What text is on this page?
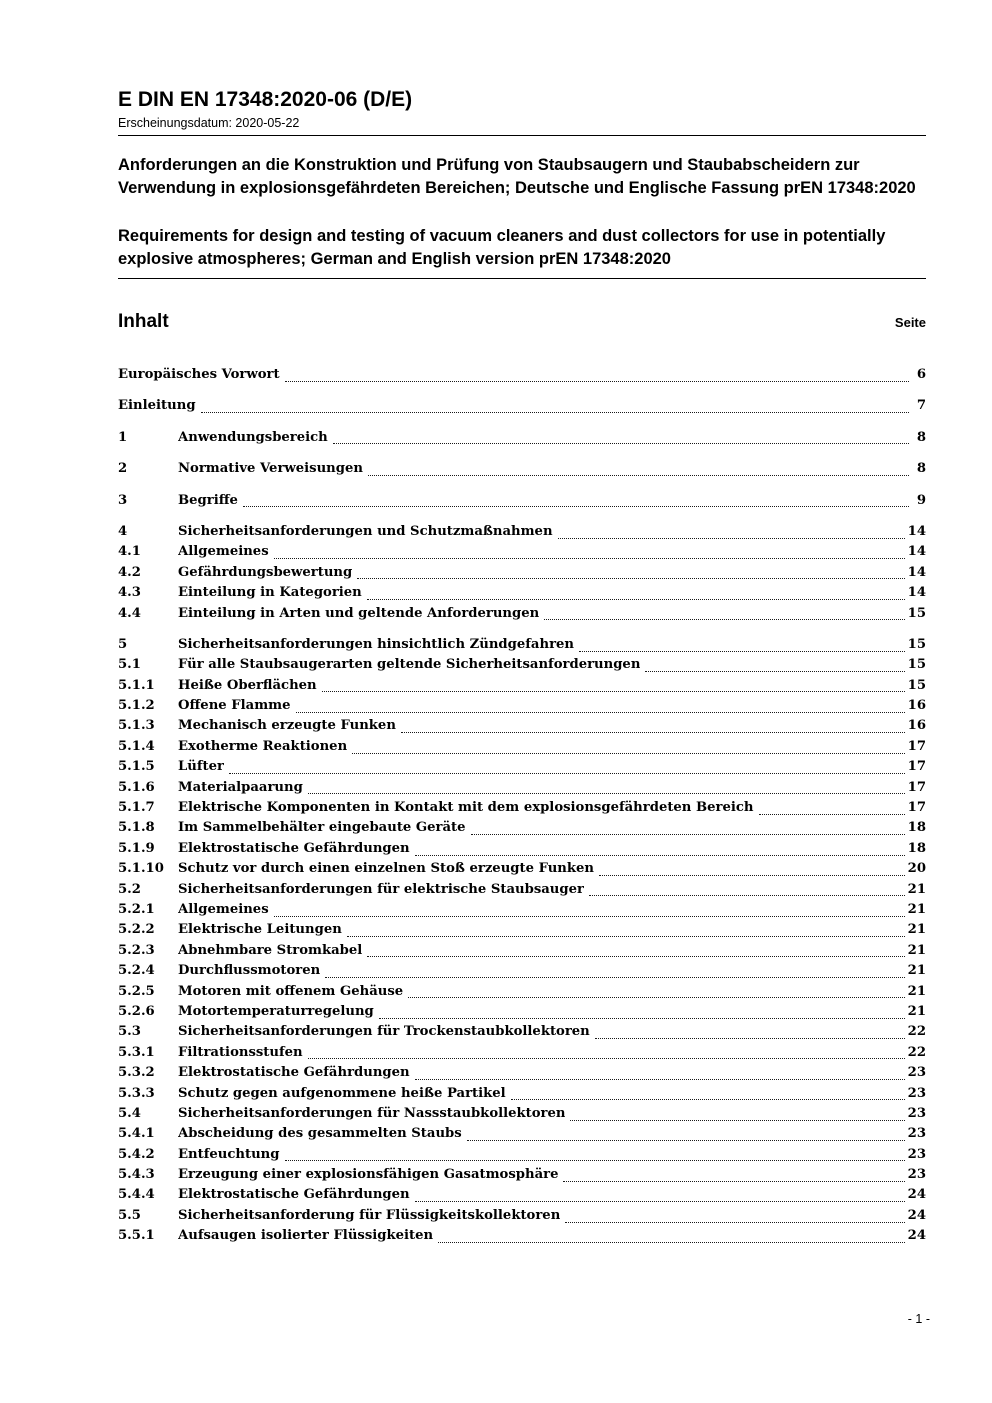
E DIN EN 17348:2020-06 (D/E)
Erscheinungsdatum: 2020-05-22

Anforderungen an die Konstruktion und Prüfung von Staubsaugern und Staubabscheidern zur Verwendung in explosionsgefährdeten Bereichen; Deutsche und Englische Fassung prEN 17348:2020

Requirements for design and testing of vacuum cleaners and dust collectors for use in potentially explosive atmospheres; German and English version prEN 17348:2020

Inhalt	Seite
Europäisches Vorwort	6
Einleitung	7
1	Anwendungsbereich	8
2	Normative Verweisungen	8
3	Begriffe	9
4	Sicherheitsanforderungen und Schutzmaßnahmen	14
4.1	Allgemeines	14
4.2	Gefährdungsbewertung	14
4.3	Einteilung in Kategorien	14
4.4	Einteilung in Arten und geltende Anforderungen	15
5	Sicherheitsanforderungen hinsichtlich Zündgefahren	15
5.1	Für alle Staubsaugerarten geltende Sicherheitsanforderungen	15
5.1.1	Heiße Oberflächen	15
5.1.2	Offene Flamme	16
5.1.3	Mechanisch erzeugte Funken	16
5.1.4	Exotherme Reaktionen	17
5.1.5	Lüfter	17
5.1.6	Materialpaarung	17
5.1.7	Elektrische Komponenten in Kontakt mit dem explosionsgefährdeten Bereich	17
5.1.8	Im Sammelbehälter eingebaute Geräte	18
5.1.9	Elektrostatische Gefährdungen	18
5.1.10	Schutz vor durch einen einzelnen Stoß erzeugte Funken	20
5.2	Sicherheitsanforderungen für elektrische Staubsauger	21
5.2.1	Allgemeines	21
5.2.2	Elektrische Leitungen	21
5.2.3	Abnehmbare Stromkabel	21
5.2.4	Durchflussmotoren	21
5.2.5	Motoren mit offenem Gehäuse	21
5.2.6	Motortemperaturregelung	21
5.3	Sicherheitsanforderungen für Trockenstaubkollektoren	22
5.3.1	Filtrationsstufen	22
5.3.2	Elektrostatische Gefährdungen	23
5.3.3	Schutz gegen aufgenommene heiße Partikel	23
5.4	Sicherheitsanforderungen für Nassstaubkollektoren	23
5.4.1	Abscheidung des gesammelten Staubs	23
5.4.2	Entfeuchtung	23
5.4.3	Erzeugung einer explosionsfähigen Gasatmosphäre	23
5.4.4	Elektrostatische Gefährdungen	24
5.5	Sicherheitsanforderung für Flüssigkeitskollektoren	24
5.5.1	Aufsaugen isolierter Flüssigkeiten	24
- 1 -
